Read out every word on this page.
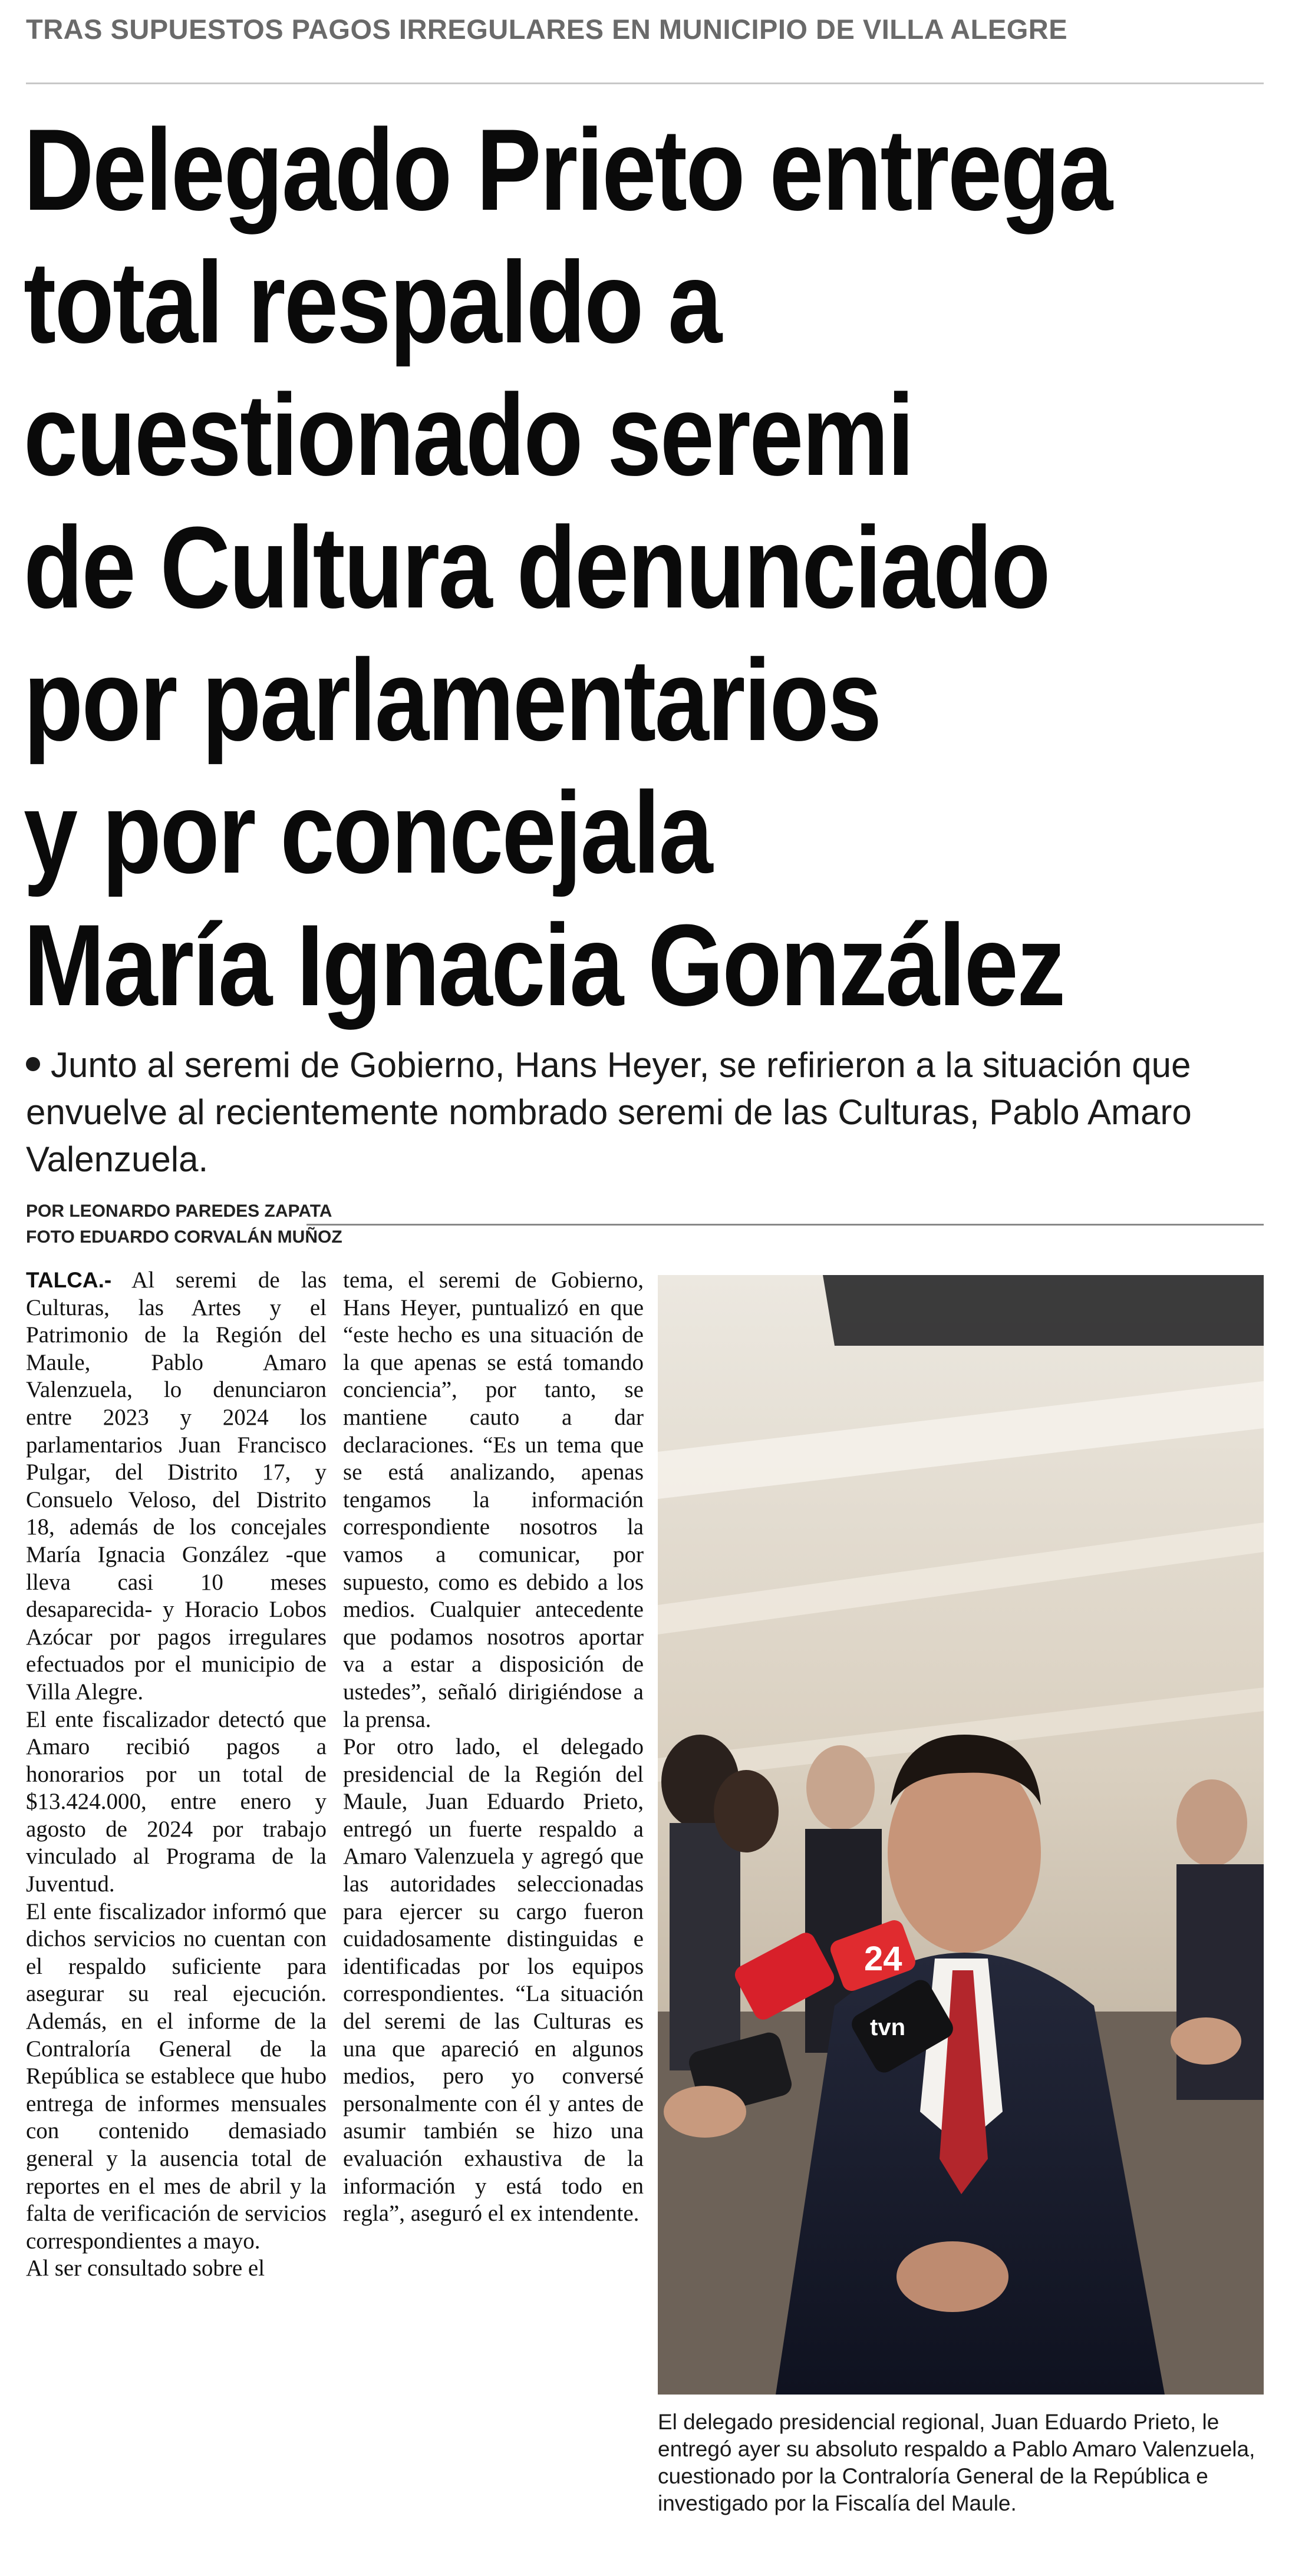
TRAS SUPUESTOS PAGOS IRREGULARES EN MUNICIPIO DE VILLA ALEGRE
Delegado Prieto entrega
total respaldo a
cuestionado seremi
de Cultura denunciado
por parlamentarios
y por concejala
María Ignacia González

Junto al seremi de Gobierno, Hans Heyer, se refirieron a la situación que envuelve al recientemente nombrado seremi de las Culturas, Pablo Amaro Valenzuela.

POR LEONARDO PAREDES ZAPATA
FOTO EDUARDO CORVALÁN MUÑOZ

TALCA.- Al seremi de las Culturas, las Artes y el Patrimonio de la Región del Maule, Pablo Amaro Valenzuela, lo denunciaron entre 2023 y 2024 los parlamentarios Juan Francisco Pulgar, del Distrito 17, y Consuelo Veloso, del Distrito 18, además de los concejales María Ignacia González -que lleva casi 10 meses desaparecida- y Horacio Lobos Azócar por pagos irregulares efectuados por el municipio de Villa Alegre.

El ente fiscalizador detectó que Amaro recibió pagos a honorarios por un total de $13.424.000, entre enero y agosto de 2024 por trabajo vinculado al Programa de la Juventud.

El ente fiscalizador informó que dichos servicios no cuentan con el respaldo suficiente para asegurar su real ejecución. Además, en el informe de la Contraloría General de la República se establece que hubo entrega de informes mensuales con contenido demasiado general y la ausencia total de reportes en el mes de abril y la falta de verificación de servicios correspondientes a mayo.

Al ser consultado sobre el

tema, el seremi de Gobierno, Hans Heyer, puntualizó en que “este hecho es una situación de la que apenas se está tomando conciencia”, por tanto, se mantiene cauto a dar declaraciones. “Es un tema que se está analizando, apenas tengamos la información correspondiente nosotros la vamos a comunicar, por supuesto, como es debido a los medios. Cualquier antecedente que podamos nosotros aportar va a estar a disposición de ustedes”, señaló dirigiéndose a la prensa.

Por otro lado, el delegado presidencial de la Región del Maule, Juan Eduardo Prieto, entregó un fuerte respaldo a Amaro Valenzuela y agregó que las autoridades seleccionadas para ejercer su cargo fueron cuidadosamente distinguidas e identificadas por los equipos correspondientes. “La situación del seremi de las Culturas es una que apareció en algunos medios, pero yo conversé personalmente con él y antes de asumir también se hizo una evaluación exhaustiva de la información y está todo en regla”, aseguró el ex intendente.

24
tvn

El delegado presidencial regional, Juan Eduardo Prieto, le entregó ayer su absoluto respaldo a Pablo Amaro Valenzuela, cuestionado por la Contraloría General de la República e investigado por la Fiscalía del Maule.
